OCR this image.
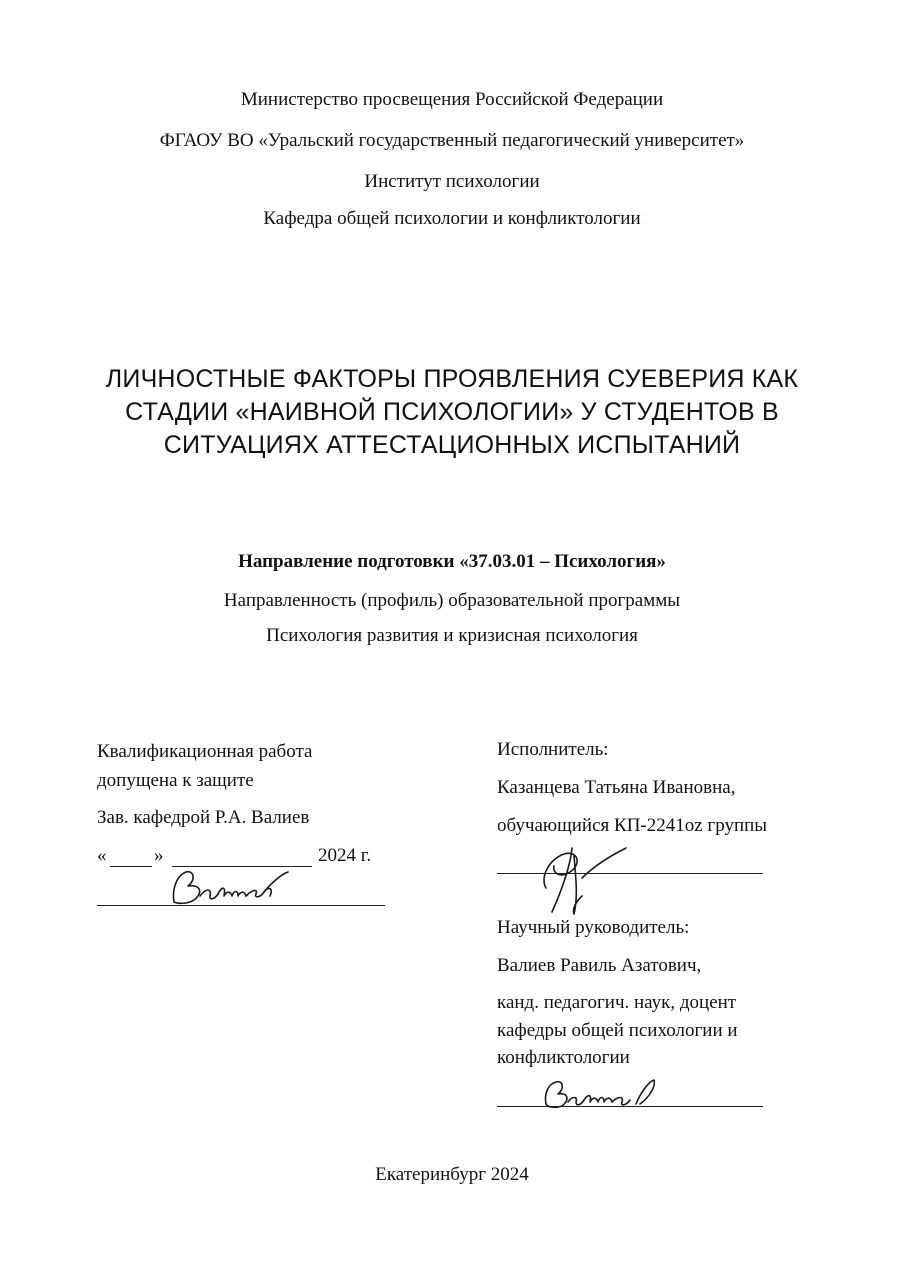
Министерство просвещения Российской Федерации
ФГАОУ ВО «Уральский государственный педагогический университет»
Институт психологии
Кафедра общей психологии и конфликтологии
ЛИЧНОСТНЫЕ ФАКТОРЫ ПРОЯВЛЕНИЯ СУЕВЕРИЯ КАК
СТАДИИ «НАИВНОЙ ПСИХОЛОГИИ» У СТУДЕНТОВ В
СИТУАЦИЯХ АТТЕСТАЦИОННЫХ ИСПЫТАНИЙ
Направление подготовки «37.03.01 – Психология»
Направленность (профиль) образовательной программы
Психология развития и кризисная психология
Квалификационная работа
допущена к защите
Зав. кафедрой Р.А. Валиев
«	»	2024 г.
Исполнитель:
Казанцева Татьяна Ивановна,
обучающийся КП-2241oz группы
Научный руководитель:
Валиев Равиль Азатович,
канд. педагогич. наук, доцент
кафедры общей психологии и
конфликтологии
Екатеринбург 2024
